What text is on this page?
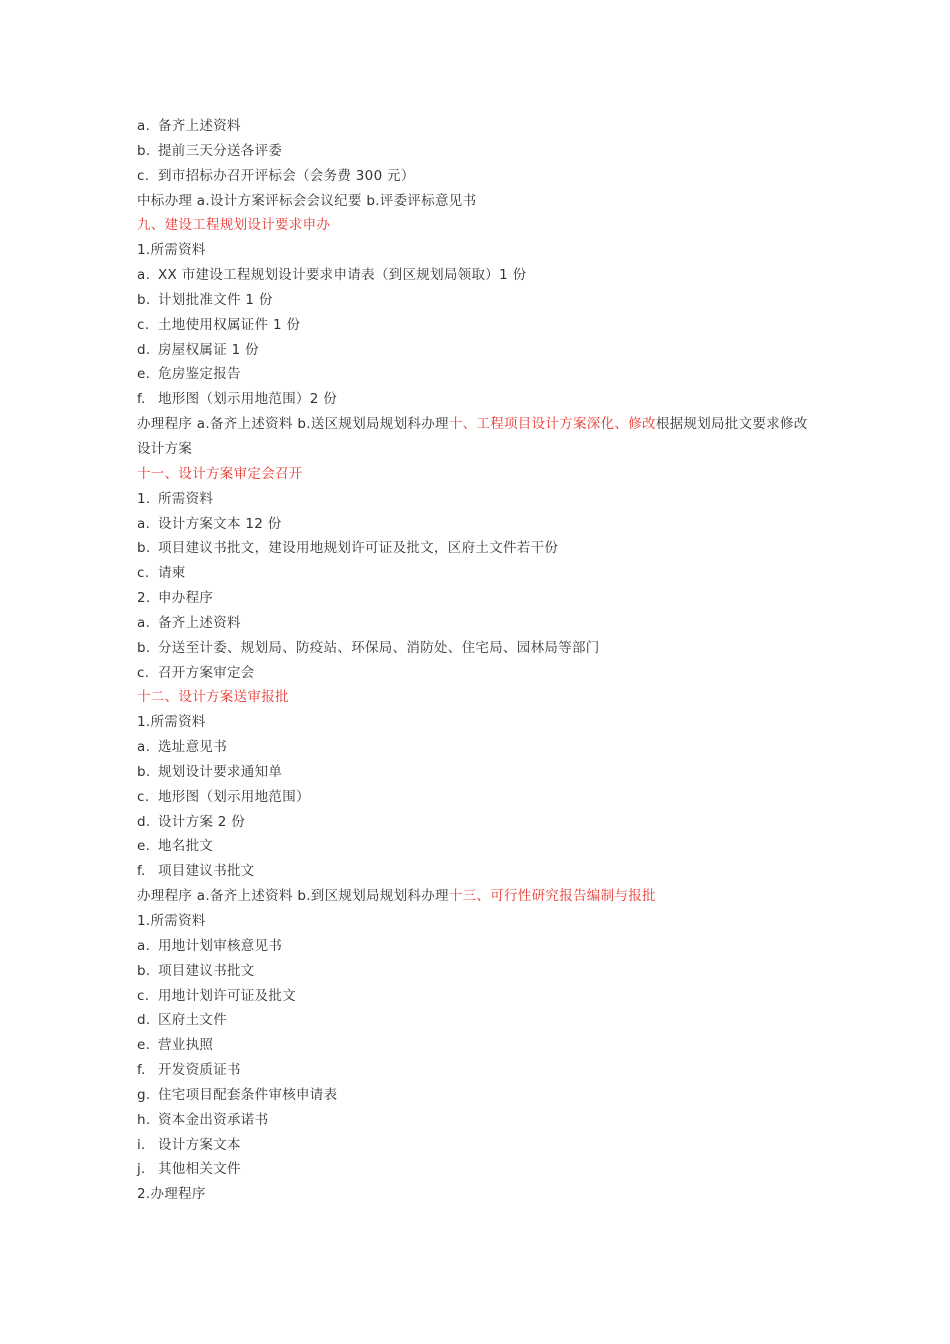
a. 备齐上述资料
b. 提前三天分送各评委
c. 到市招标办召开评标会（会务费 300 元）
中标办理 a.设计方案评标会会议纪要 b.评委评标意见书
九、建设工程规划设计要求申办
1.所需资料
a. XX 市建设工程规划设计要求申请表（到区规划局领取）1 份
b. 计划批准文件 1 份
c. 土地使用权属证件 1 份
d. 房屋权属证 1 份
e. 危房鉴定报告
f. 地形图（划示用地范围）2 份
办理程序 a.备齐上述资料 b.送区规划局规划科办理十、工程项目设计方案深化、修改根据规划局批文要求修改设计方案
十一、设计方案审定会召开
1. 所需资料
a. 设计方案文本 12 份
b. 项目建议书批文，建设用地规划许可证及批文，区府土文件若干份
c. 请柬
2. 申办程序
a. 备齐上述资料
b. 分送至计委、规划局、防疫站、环保局、消防处、住宅局、园林局等部门
c. 召开方案审定会
十二、设计方案送审报批
1.所需资料
a. 选址意见书
b. 规划设计要求通知单
c. 地形图（划示用地范围）
d. 设计方案 2 份
e. 地名批文
f. 项目建议书批文
办理程序 a.备齐上述资料 b.到区规划局规划科办理十三、可行性研究报告编制与报批
1.所需资料
a. 用地计划审核意见书
b. 项目建议书批文
c. 用地计划许可证及批文
d. 区府土文件
e. 营业执照
f. 开发资质证书
g. 住宅项目配套条件审核申请表
h. 资本金出资承诺书
i. 设计方案文本
j. 其他相关文件
2.办理程序
